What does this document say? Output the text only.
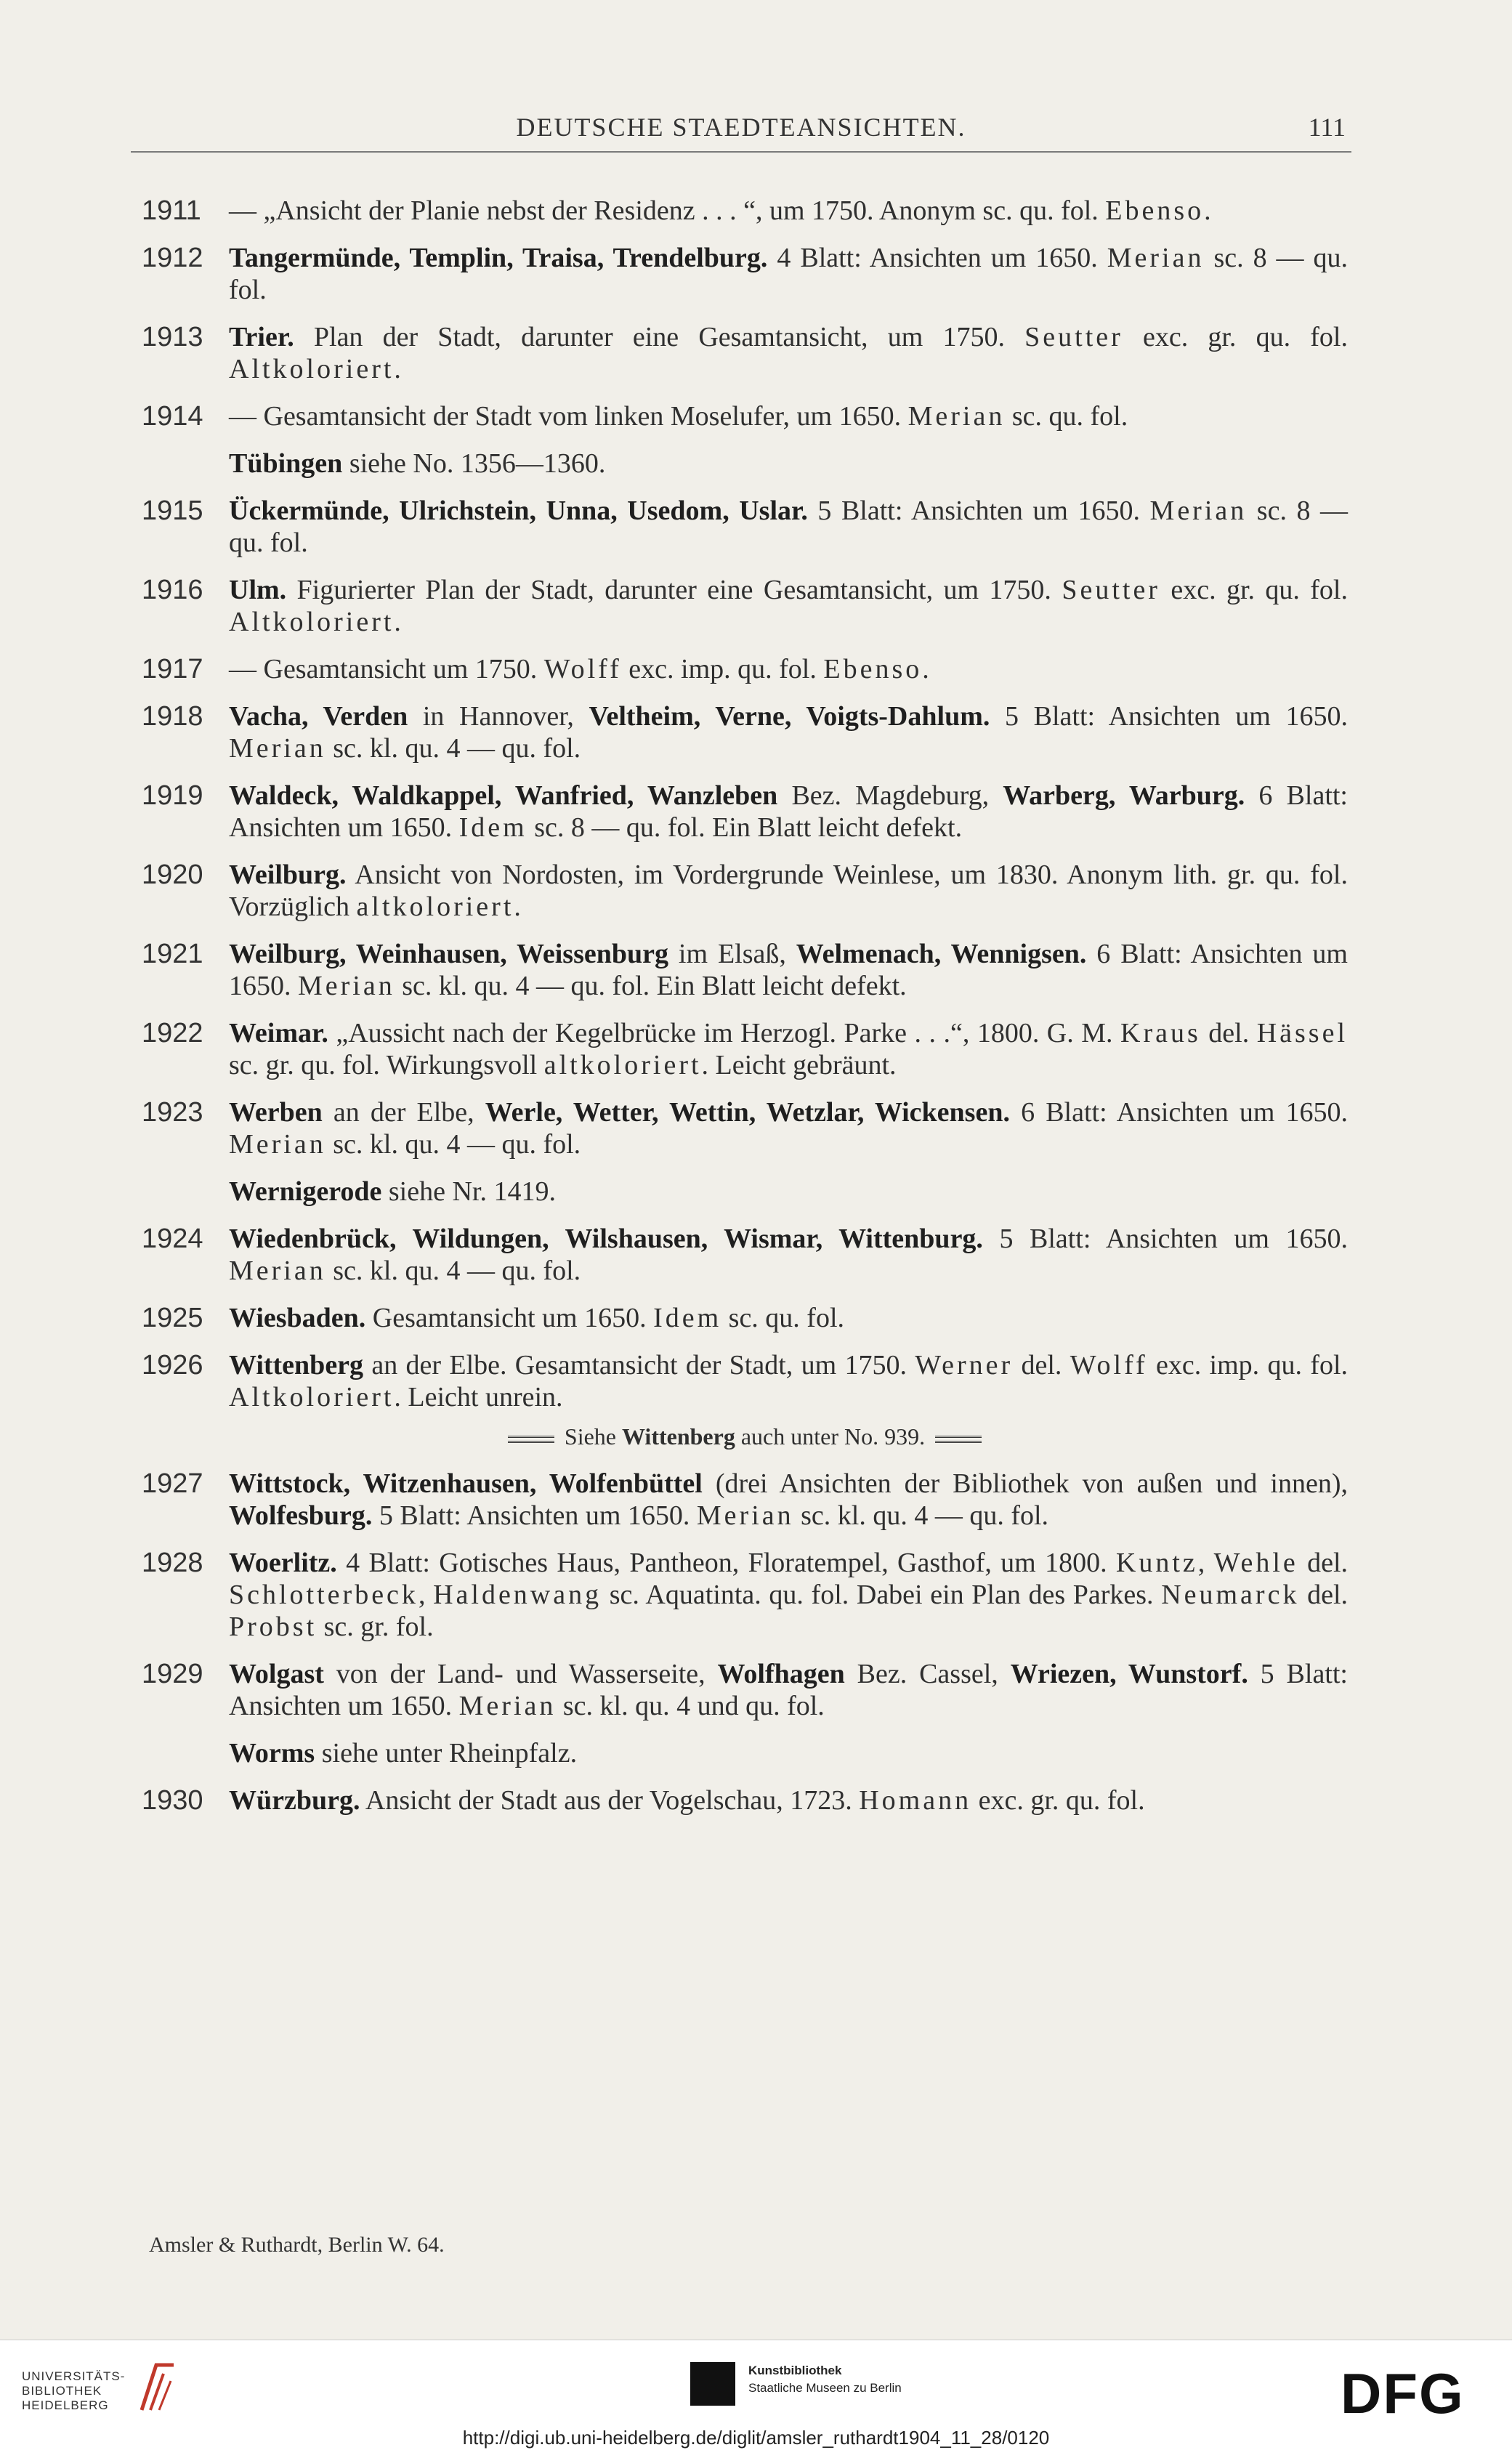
DEUTSCHE STAEDTEANSICHTEN.	111
1911 — „Ansicht der Planie nebst der Residenz . . . “, um 1750. Anonym sc. qu. fol. Ebenso.
1912 Tangermünde, Templin, Traisa, Trendelburg. 4 Blatt: Ansichten um 1650. Merian sc. 8 — qu. fol.
1913 Trier. Plan der Stadt, darunter eine Gesamtansicht, um 1750. Seutter exc. gr. qu. fol. Altkoloriert.
1914 — Gesamtansicht der Stadt vom linken Moselufer, um 1650. Merian sc. qu. fol.
Tübingen siehe No. 1356—1360.
1915 Ückermünde, Ulrichstein, Unna, Usedom, Uslar. 5 Blatt: Ansichten um 1650. Merian sc. 8 — qu. fol.
1916 Ulm. Figurierter Plan der Stadt, darunter eine Gesamtansicht, um 1750. Seutter exc. gr. qu. fol. Altkoloriert.
1917 — Gesamtansicht um 1750. Wolff exc. imp. qu. fol. Ebenso.
1918 Vacha, Verden in Hannover, Veltheim, Verne, Voigts-Dahlum. 5 Blatt: Ansichten um 1650. Merian sc. kl. qu. 4 — qu. fol.
1919 Waldeck, Waldkappel, Wanfried, Wanzleben Bez. Magdeburg, Warberg, Warburg. 6 Blatt: Ansichten um 1650. Idem sc. 8 — qu. fol. Ein Blatt leicht defekt.
1920 Weilburg. Ansicht von Nordosten, im Vordergrunde Weinlese, um 1830. Anonym lith. gr. qu. fol. Vorzüglich altkoloriert.
1921 Weilburg, Weinhausen, Weissenburg im Elsaß, Welmenach, Wennigsen. 6 Blatt: Ansichten um 1650. Merian sc. kl. qu. 4 — qu. fol. Ein Blatt leicht defekt.
1922 Weimar. „Aussicht nach der Kegelbrücke im Herzogl. Parke . . .“, 1800. G. M. Kraus del. Hässel sc. gr. qu. fol. Wirkungsvoll altkoloriert. Leicht gebräunt.
1923 Werben an der Elbe, Werle, Wetter, Wettin, Wetzlar, Wickensen. 6 Blatt: Ansichten um 1650. Merian sc. kl. qu. 4 — qu. fol.
Wernigerode siehe Nr. 1419.
1924 Wiedenbrück, Wildungen, Wilshausen, Wismar, Wittenburg. 5 Blatt: Ansichten um 1650. Merian sc. kl. qu. 4 — qu. fol.
1925 Wiesbaden. Gesamtansicht um 1650. Idem sc. qu. fol.
1926 Wittenberg an der Elbe. Gesamtansicht der Stadt, um 1750. Werner del. Wolff exc. imp. qu. fol. Altkoloriert. Leicht unrein.
Siehe Wittenberg auch unter No. 939.
1927 Wittstock, Witzenhausen, Wolfenbüttel (drei Ansichten der Bibliothek von außen und innen), Wolfesburg. 5 Blatt: Ansichten um 1650. Merian sc. kl. qu. 4 — qu. fol.
1928 Woerlitz. 4 Blatt: Gotisches Haus, Pantheon, Floratempel, Gasthof, um 1800. Kuntz, Wehle del. Schlotterbeck, Haldenwang sc. Aquatinta. qu. fol. Dabei ein Plan des Parkes. Neumarck del. Probst sc. gr. fol.
1929 Wolgast von der Land- und Wasserseite, Wolfhagen Bez. Cassel, Wriezen, Wunstorf. 5 Blatt: Ansichten um 1650. Merian sc. kl. qu. 4 und qu. fol.
Worms siehe unter Rheinpfalz.
1930 Würzburg. Ansicht der Stadt aus der Vogelschau, 1723. Homann exc. gr. qu. fol.
Amsler & Ruthardt, Berlin W. 64.
UNIVERSITÄTS-
BIBLIOTHEK
HEIDELBERG
Kunstbibliothek
Staatliche Museen zu Berlin	DFG
http://digi.ub.uni-heidelberg.de/diglit/amsler_ruthardt1904_11_28/0120
